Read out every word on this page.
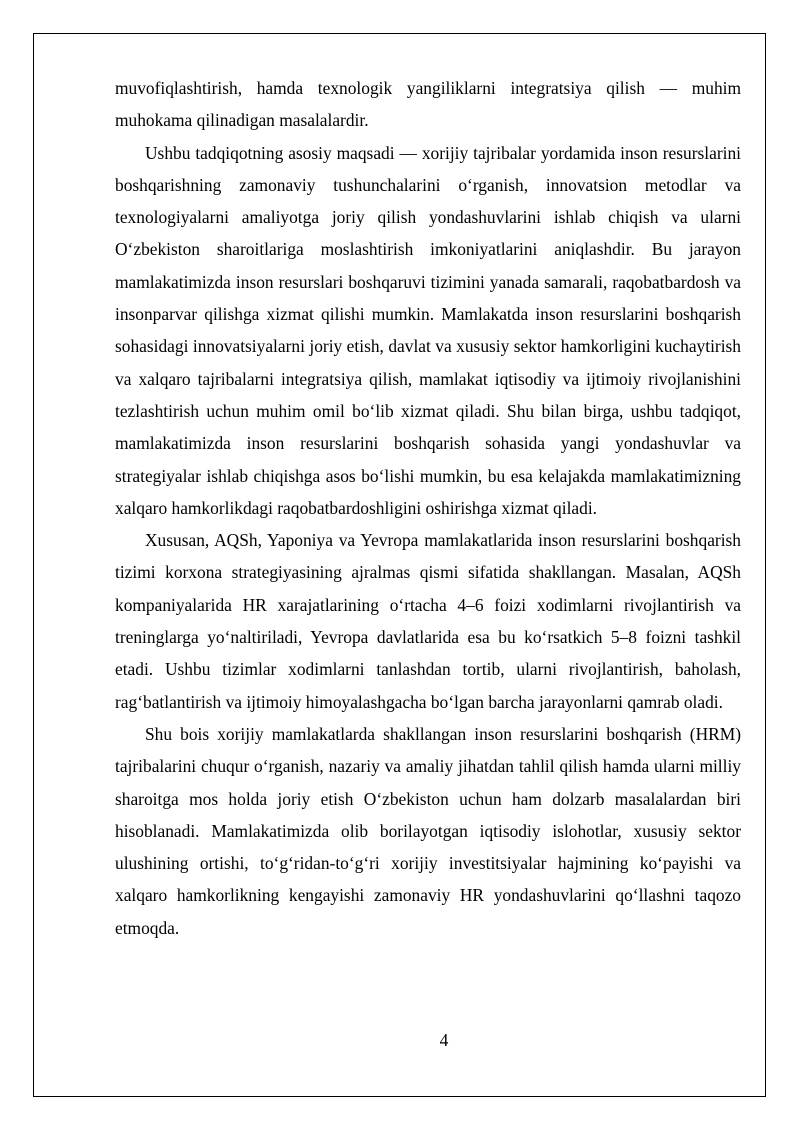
muvofiqlashtirish, hamda texnologik yangiliklarni integratsiya qilish — muhim muhokama qilinadigan masalalardir.

Ushbu tadqiqotning asosiy maqsadi — xorijiy tajribalar yordamida inson resurslarini boshqarishning zamonaviy tushunchalarini oʻrganish, innovatsion metodlar va texnologiyalarni amaliyotga joriy qilish yondashuvlarini ishlab chiqish va ularni Oʻzbekiston sharoitlariga moslashtirish imkoniyatlarini aniqlashdir. Bu jarayon mamlakatimizda inson resurslari boshqaruvi tizimini yanada samarali, raqobatbardosh va insonparvar qilishga xizmat qilishi mumkin. Mamlakatda inson resurslarini boshqarish sohasidagi innovatsiyalarni joriy etish, davlat va xususiy sektor hamkorligini kuchaytirish va xalqaro tajribalarni integratsiya qilish, mamlakat iqtisodiy va ijtimoiy rivojlanishini tezlashtirish uchun muhim omil boʻlib xizmat qiladi. Shu bilan birga, ushbu tadqiqot, mamlakatimizda inson resurslarini boshqarish sohasida yangi yondashuvlar va strategiyalar ishlab chiqishga asos boʻlishi mumkin, bu esa kelajakda mamlakatimizning xalqaro hamkorlikdagi raqobatbardoshligini oshirishga xizmat qiladi.

Xususan, AQSh, Yaponiya va Yevropa mamlakatlarida inson resurslarini boshqarish tizimi korxona strategiyasining ajralmas qismi sifatida shakllangan. Masalan, AQSh kompaniyalarida HR xarajatlarining oʻrtacha 4–6 foizi xodimlarni rivojlantirish va treninglarga yoʻnaltiriladi, Yevropa davlatlarida esa bu koʻrsatkich 5–8 foizni tashkil etadi. Ushbu tizimlar xodimlarni tanlashdan tortib, ularni rivojlantirish, baholash, ragʻbatlantirish va ijtimoiy himoyalashgacha boʻlgan barcha jarayonlarni qamrab oladi.

Shu bois xorijiy mamlakatlarda shakllangan inson resurslarini boshqarish (HRM) tajribalarini chuqur oʻrganish, nazariy va amaliy jihatdan tahlil qilish hamda ularni milliy sharoitga mos holda joriy etish Oʻzbekiston uchun ham dolzarb masalalardan biri hisoblanadi. Mamlakatimizda olib borilayotgan iqtisodiy islohotlar, xususiy sektor ulushining ortishi, toʻgʻridan-toʻgʻri xorijiy investitsiyalar hajmining koʻpayishi va xalqaro hamkorlikning kengayishi zamonaviy HR yondashuvlarini qoʻllashni taqozo etmoqda.

4
